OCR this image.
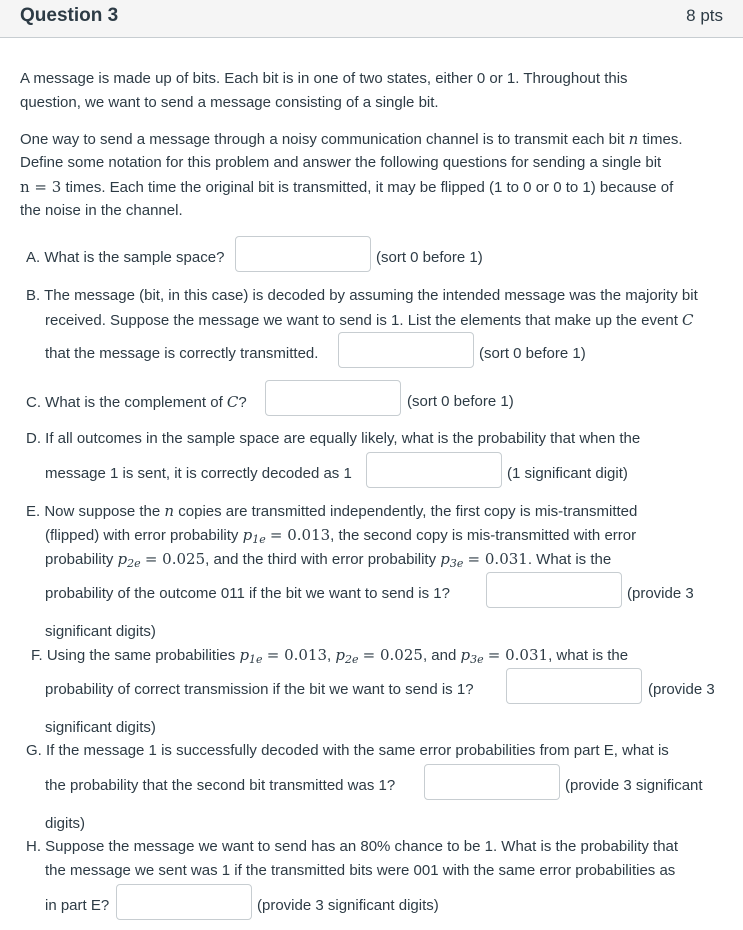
Question 3	8 pts
A message is made up of bits. Each bit is in one of two states, either 0 or 1. Throughout this
question, we want to send a message consisting of a single bit.
One way to send a message through a noisy communication channel is to transmit each bit n times.
Define some notation for this problem and answer the following questions for sending a single bit
n = 3 times. Each time the original bit is transmitted, it may be flipped (1 to 0 or 0 to 1) because of
the noise in the channel.
A. What is the sample space?	(sort 0 before 1)
B. The message (bit, in this case) is decoded by assuming the intended message was the majority bit
received. Suppose the message we want to send is 1. List the elements that make up the event C
that the message is correctly transmitted.	(sort 0 before 1)
C. What is the complement of C?	(sort 0 before 1)
D. If all outcomes in the sample space are equally likely, what is the probability that when the
message 1 is sent, it is correctly decoded as 1	(1 significant digit)
E. Now suppose the n copies are transmitted independently, the first copy is mis-transmitted
(flipped) with error probability $p_{1e} = 0.013$, the second copy is mis-transmitted with error
probability $p_{2e} = 0.025$, and the third with error probability $p_{3e} = 0.031$. What is the
probability of the outcome 011 if the bit we want to send is 1?	(provide 3
significant digits)
F. Using the same probabilities $p_{1e} = 0.013$, $p_{2e} = 0.025$, and $p_{3e} = 0.031$, what is the
probability of correct transmission if the bit we want to send is 1?	(provide 3
significant digits)
G. If the message 1 is successfully decoded with the same error probabilities from part E, what is
the probability that the second bit transmitted was 1?	(provide 3 significant
digits)
H. Suppose the message we want to send has an 80% chance to be 1. What is the probability that
the message we sent was 1 if the transmitted bits were 001 with the same error probabilities as
in part E?	(provide 3 significant digits)
